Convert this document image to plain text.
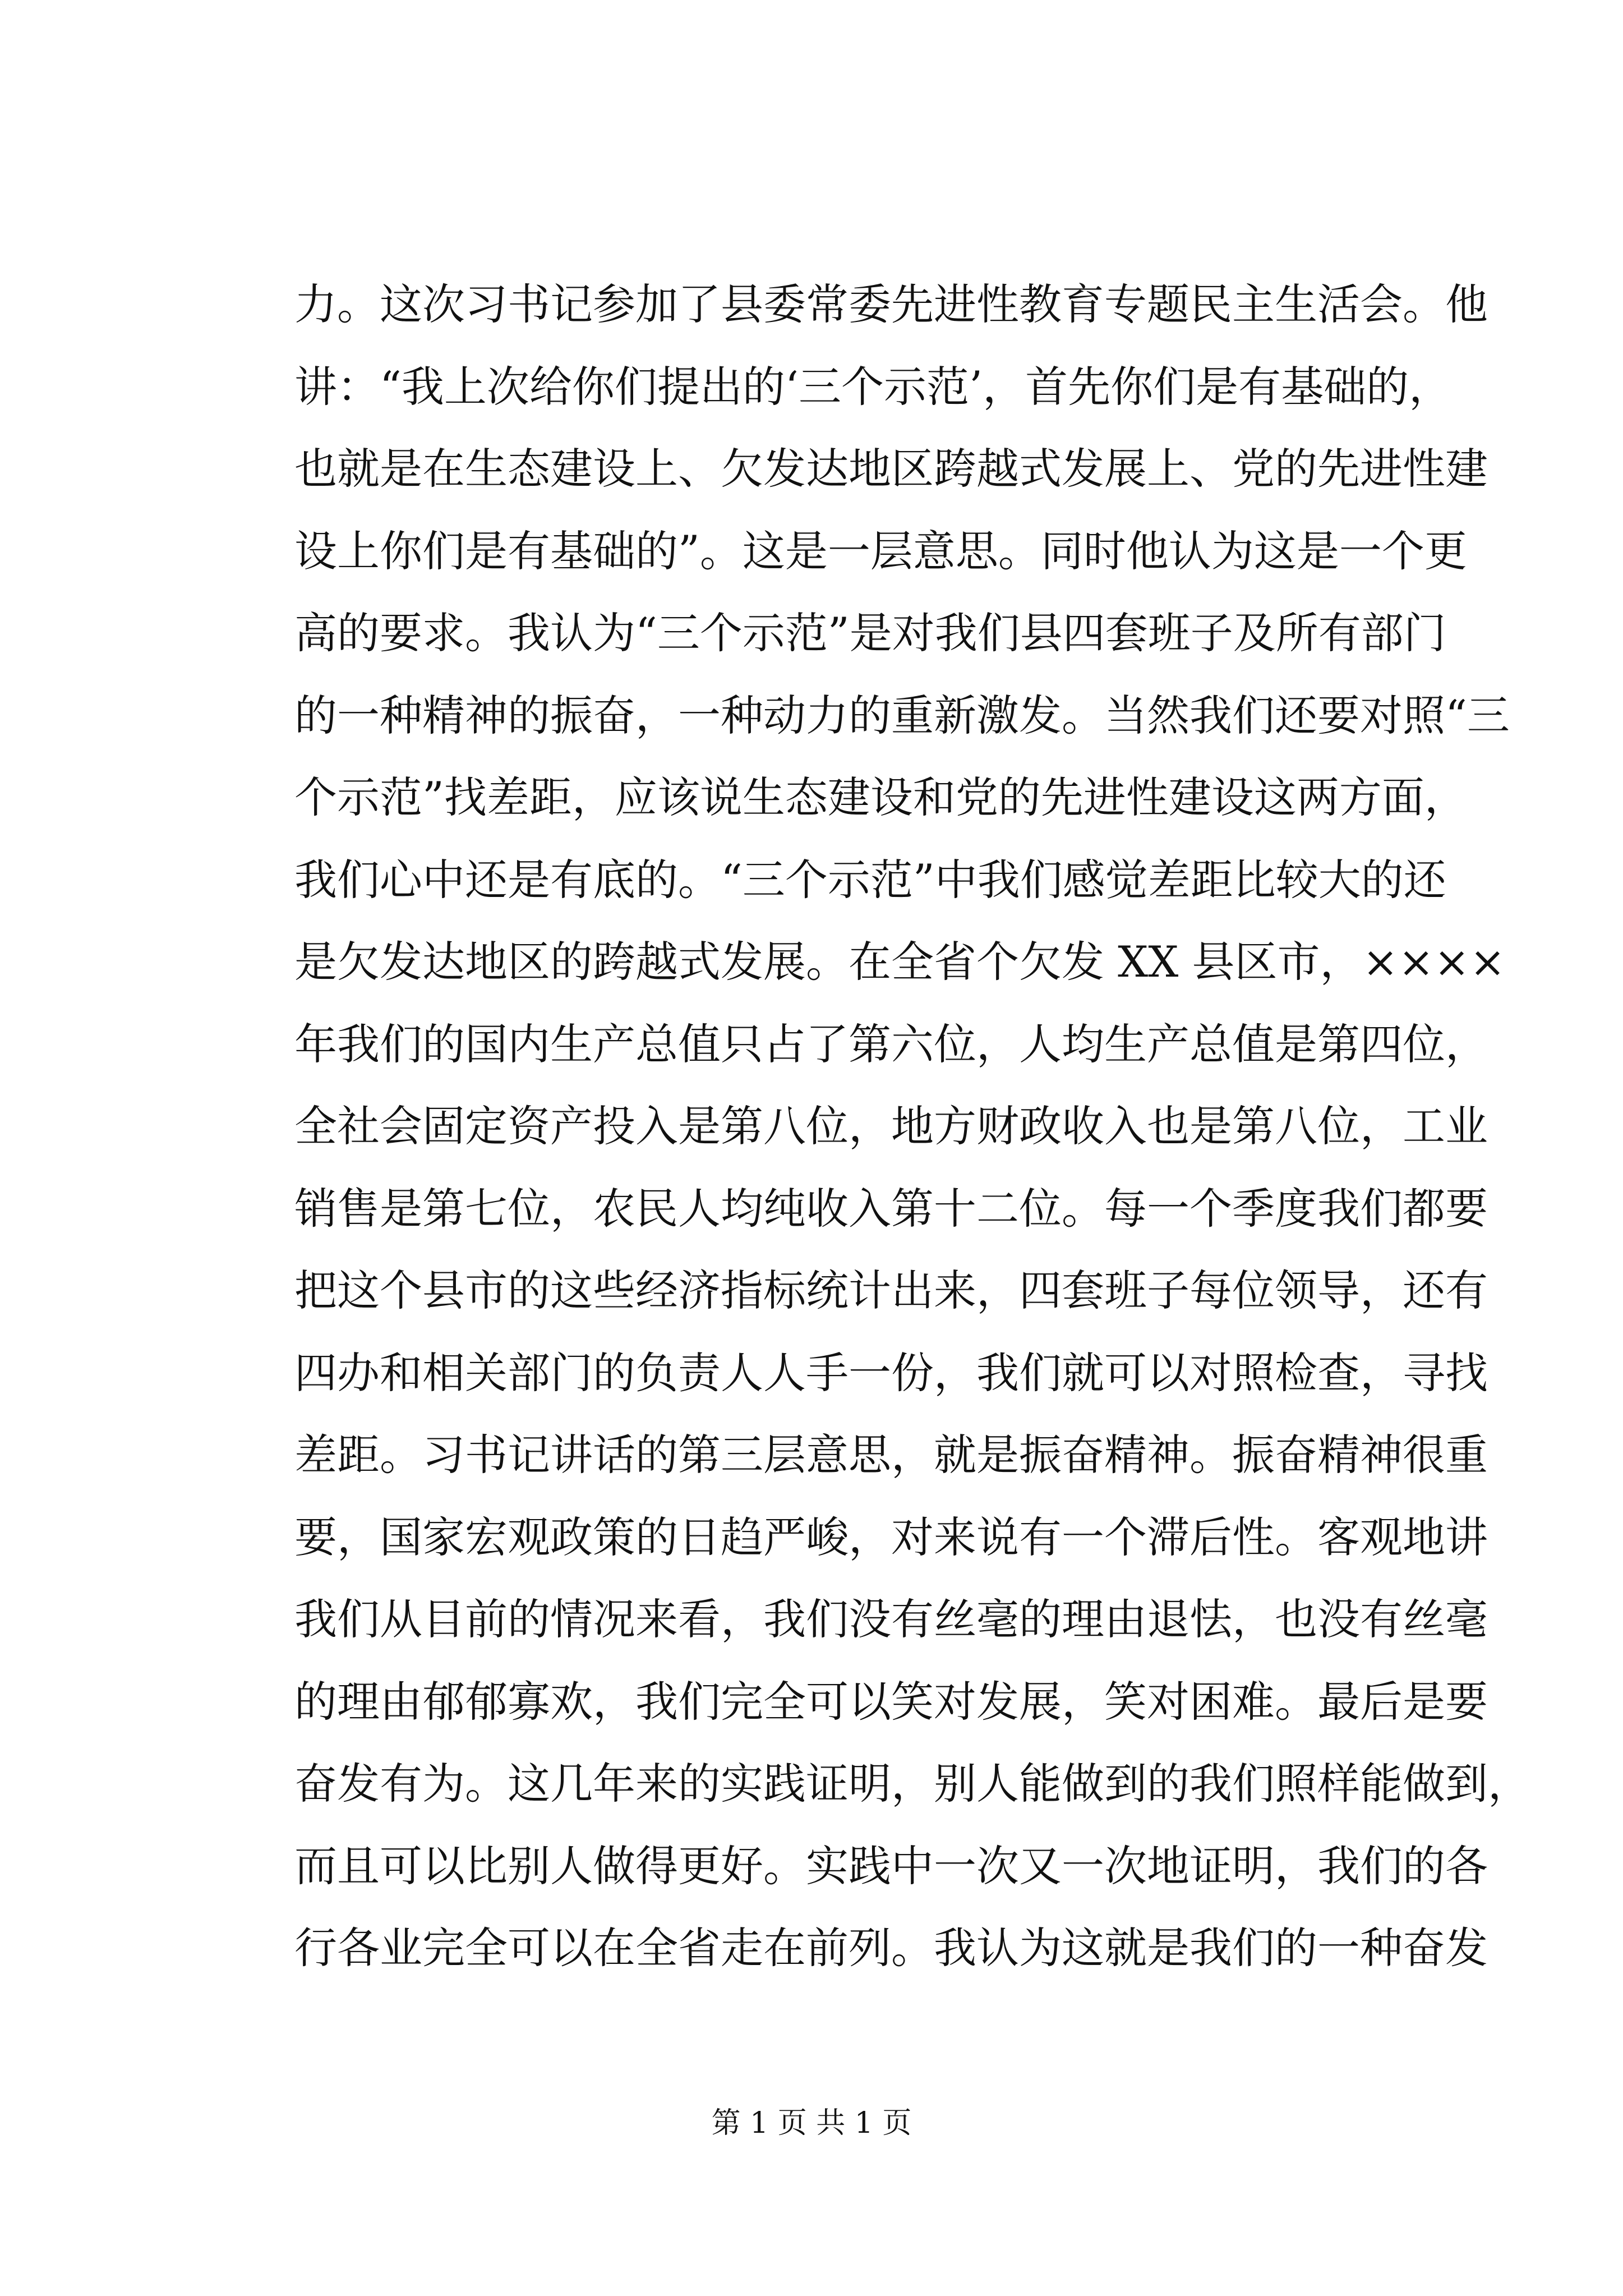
力。这次习书记参加了县委常委先进性教育专题民主生活会。他
讲：“我上次给你们提出的‘三个示范’，首先你们是有基础的，
也就是在生态建设上、欠发达地区跨越式发展上、党的先进性建
设上你们是有基础的”。这是一层意思。同时他认为这是一个更
高的要求。我认为“三个示范”是对我们县四套班子及所有部门
的一种精神的振奋，一种动力的重新激发。当然我们还要对照“三
个示范”找差距，应该说生态建设和党的先进性建设这两方面，
我们心中还是有底的。“三个示范”中我们感觉差距比较大的还
是欠发达地区的跨越式发展。在全省个欠发 XX 县区市，××××
年我们的国内生产总值只占了第六位，人均生产总值是第四位，
全社会固定资产投入是第八位，地方财政收入也是第八位，工业
销售是第七位，农民人均纯收入第十二位。每一个季度我们都要
把这个县市的这些经济指标统计出来，四套班子每位领导，还有
四办和相关部门的负责人人手一份，我们就可以对照检查，寻找
差距。习书记讲话的第三层意思，就是振奋精神。振奋精神很重
要，国家宏观政策的日趋严峻，对来说有一个滞后性。客观地讲
我们从目前的情况来看，我们没有丝毫的理由退怯，也没有丝毫
的理由郁郁寡欢，我们完全可以笑对发展，笑对困难。最后是要
奋发有为。这几年来的实践证明，别人能做到的我们照样能做到，
而且可以比别人做得更好。实践中一次又一次地证明，我们的各
行各业完全可以在全省走在前列。我认为这就是我们的一种奋发
第 1 页 共 1 页
